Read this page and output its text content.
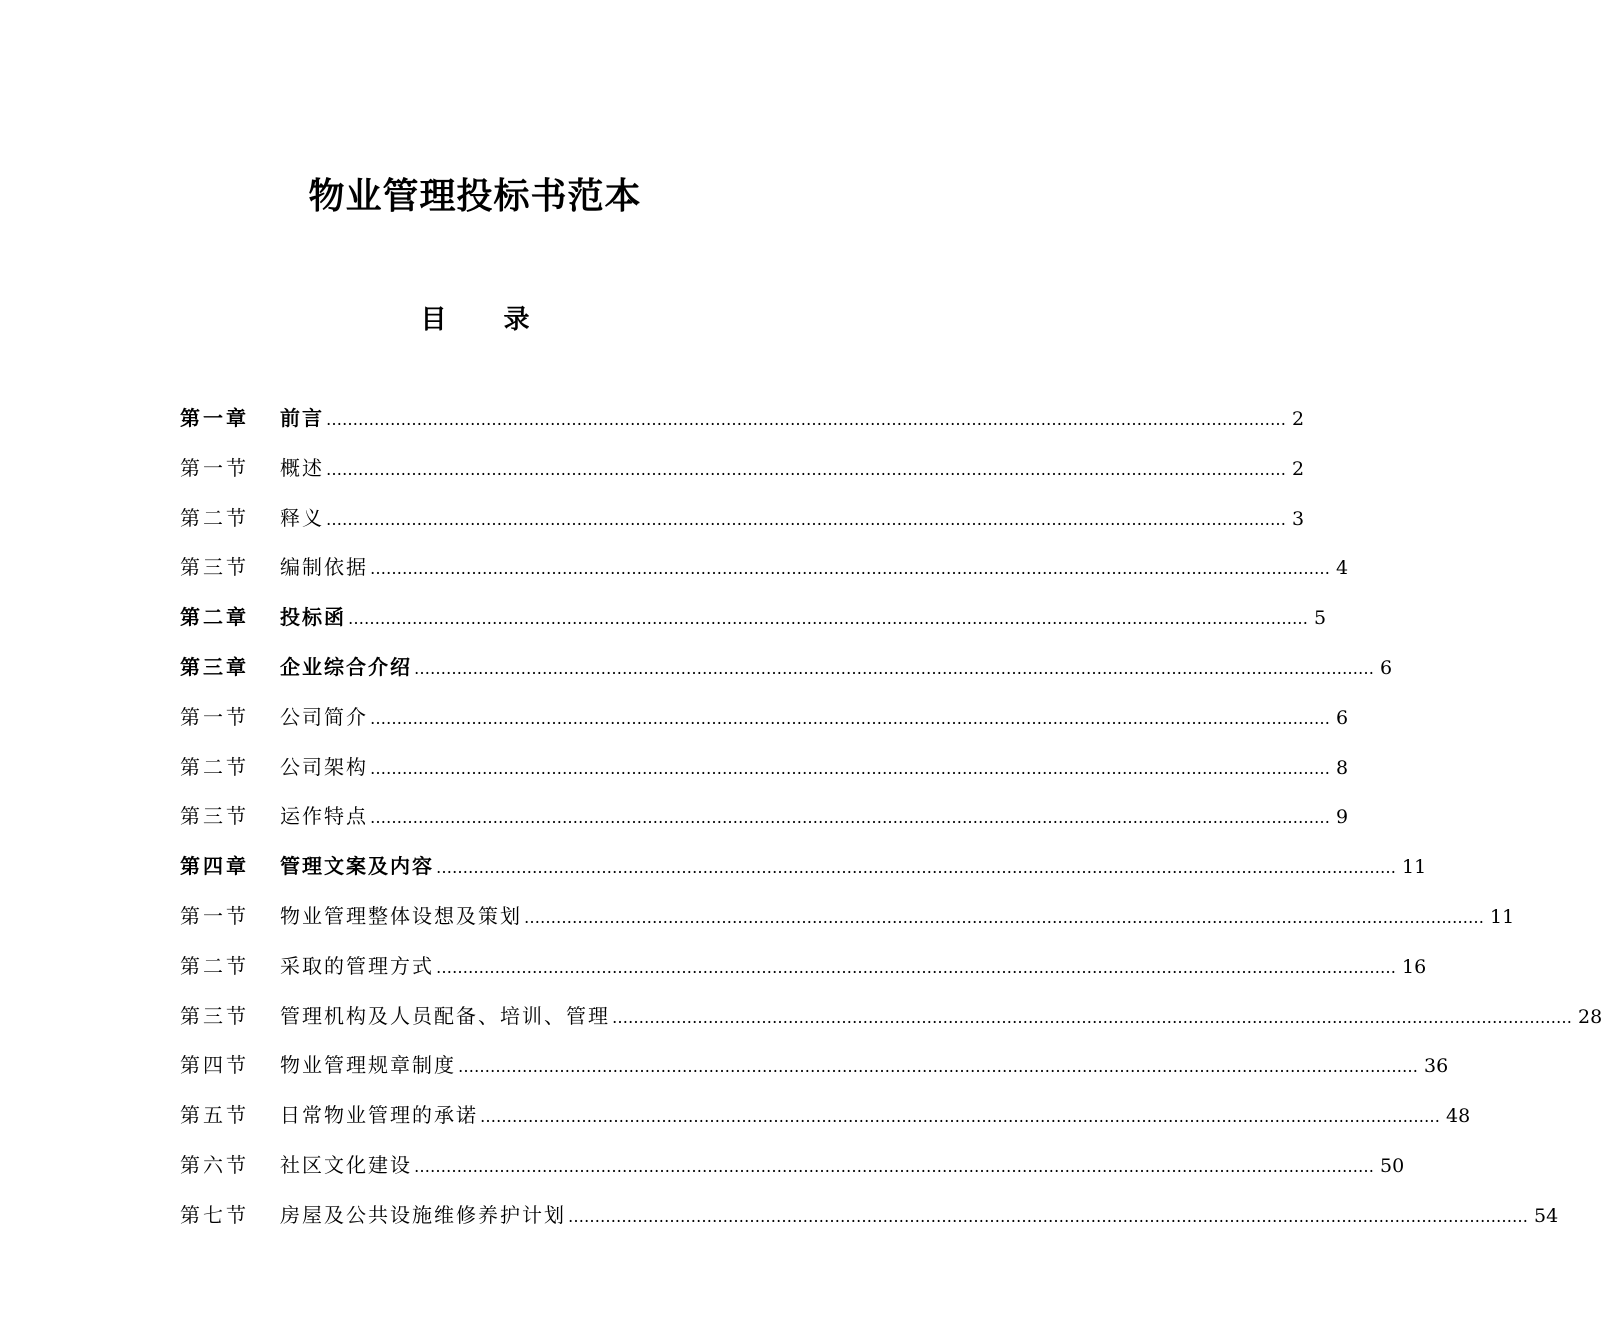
物业管理投标书范本
目 录
第一章	前言 ……………………………………………………………………………………………………………………………………………………………… 2
第一节	概述 ……………………………………………………………………………………………………………………………………………………………… 2
第二节	释义 ……………………………………………………………………………………………………………………………………………………………… 3
第三节	编制依据 ……………………………………………………………………………………………………………………………………………………………… 4
第二章	投标函 ……………………………………………………………………………………………………………………………………………………………… 5
第三章	企业综合介绍 ……………………………………………………………………………………………………………………………………………………………… 6
第一节	公司简介 ……………………………………………………………………………………………………………………………………………………………… 6
第二节	公司架构 ……………………………………………………………………………………………………………………………………………………………… 8
第三节	运作特点 ……………………………………………………………………………………………………………………………………………………………… 9
第四章	管理文案及内容 ……………………………………………………………………………………………………………………………………………………………… 11
第一节	物业管理整体设想及策划 ……………………………………………………………………………………………………………………………………………………………… 11
第二节	采取的管理方式 ……………………………………………………………………………………………………………………………………………………………… 16
第三节	管理机构及人员配备、培训、管理 ……………………………………………………………………………………………………………………………………………………………… 28
第四节	物业管理规章制度 ……………………………………………………………………………………………………………………………………………………………… 36
第五节	日常物业管理的承诺 ……………………………………………………………………………………………………………………………………………………………… 48
第六节	社区文化建设 ……………………………………………………………………………………………………………………………………………………………… 50
第七节	房屋及公共设施维修养护计划 ……………………………………………………………………………………………………………………………………………………………… 54
